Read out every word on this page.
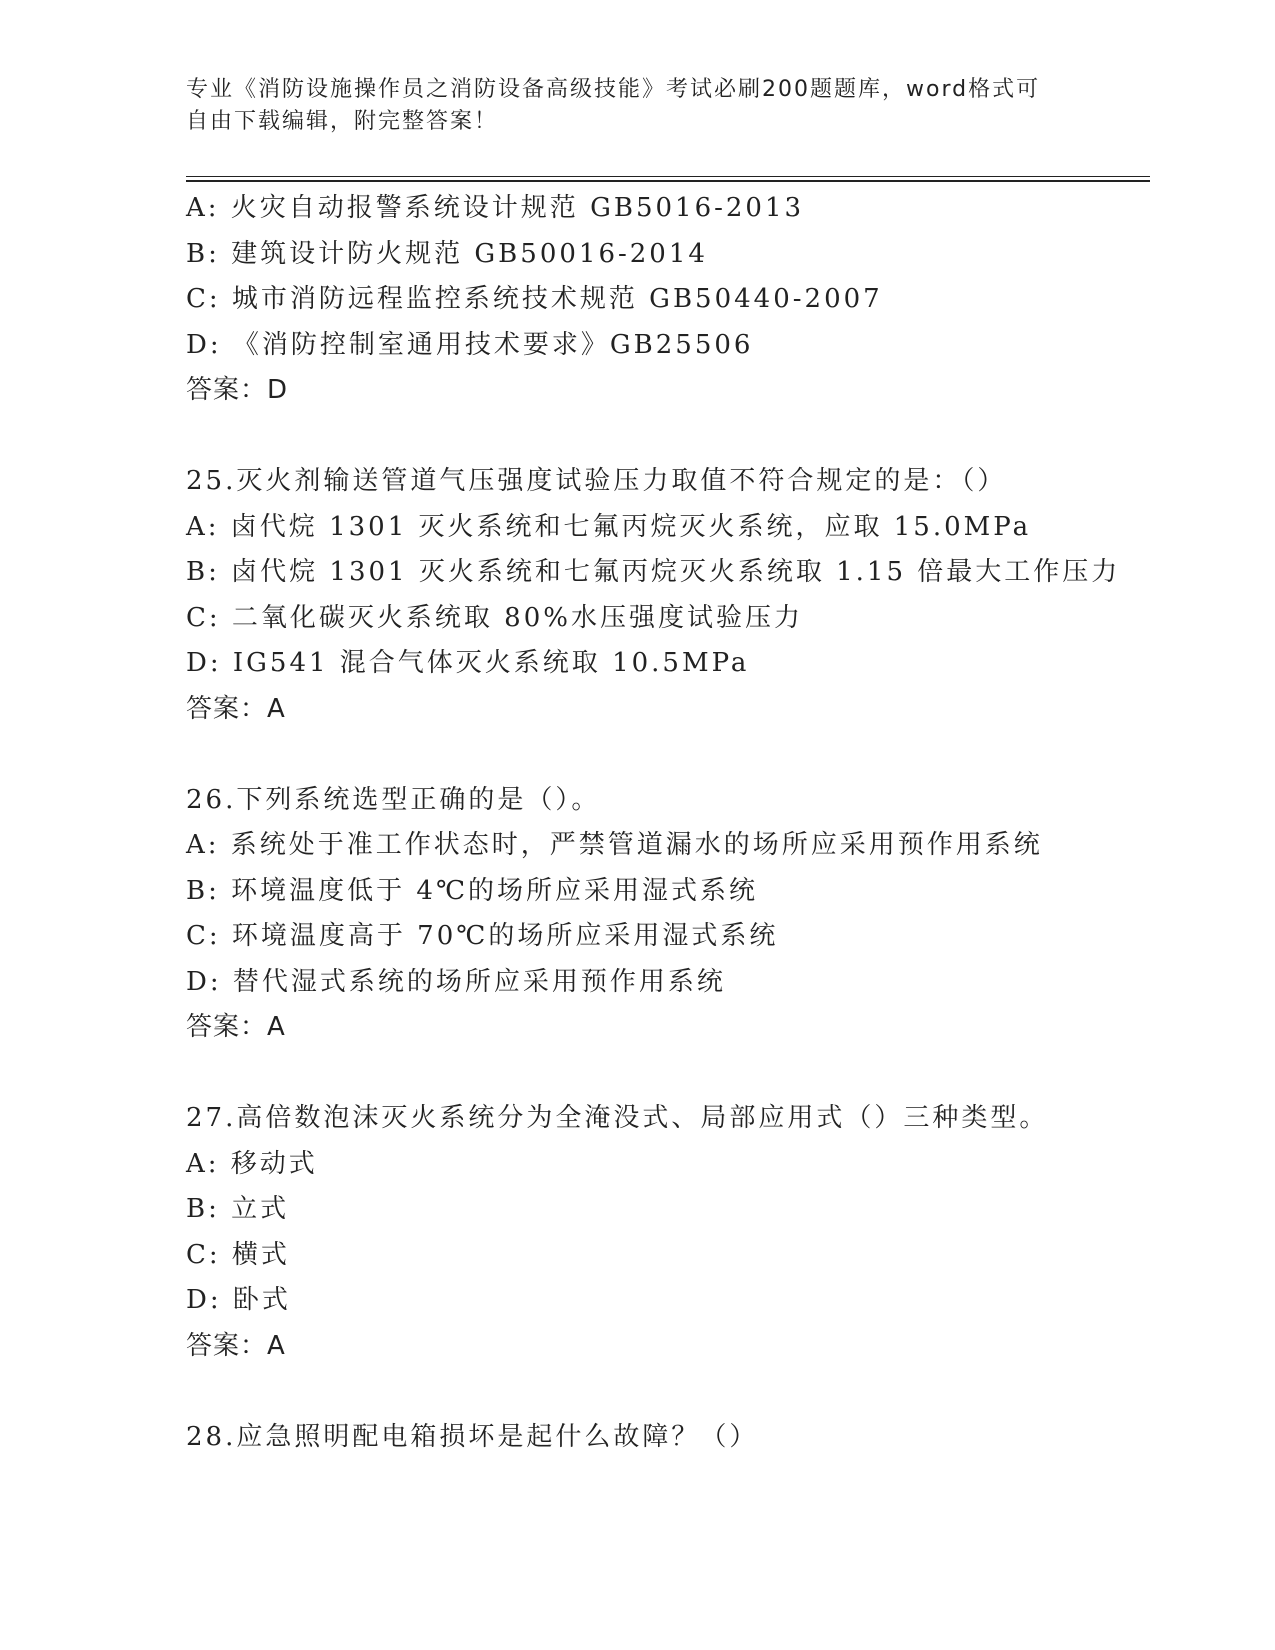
专业《消防设施操作员之消防设备高级技能》考试必刷200题题库，word格式可
自由下载编辑，附完整答案！
A: 火灾自动报警系统设计规范 GB5016-2013
B: 建筑设计防火规范 GB50016-2014
C: 城市消防远程监控系统技术规范 GB50440-2007
D: 《消防控制室通用技术要求》GB25506
答案：D
25.灭火剂输送管道气压强度试验压力取值不符合规定的是：（）
A: 卤代烷 1301 灭火系统和七氟丙烷灭火系统，应取 15.0MPa
B: 卤代烷 1301 灭火系统和七氟丙烷灭火系统取 1.15 倍最大工作压力
C: 二氧化碳灭火系统取 80%水压强度试验压力
D: IG541 混合气体灭火系统取 10.5MPa
答案：A
26.下列系统选型正确的是（）。
A: 系统处于准工作状态时，严禁管道漏水的场所应采用预作用系统
B: 环境温度低于 4℃的场所应采用湿式系统
C: 环境温度高于 70℃的场所应采用湿式系统
D: 替代湿式系统的场所应采用预作用系统
答案：A
27.高倍数泡沫灭火系统分为全淹没式、局部应用式（）三种类型。
A: 移动式
B: 立式
C: 横式
D: 卧式
答案：A
28.应急照明配电箱损坏是起什么故障？（）
